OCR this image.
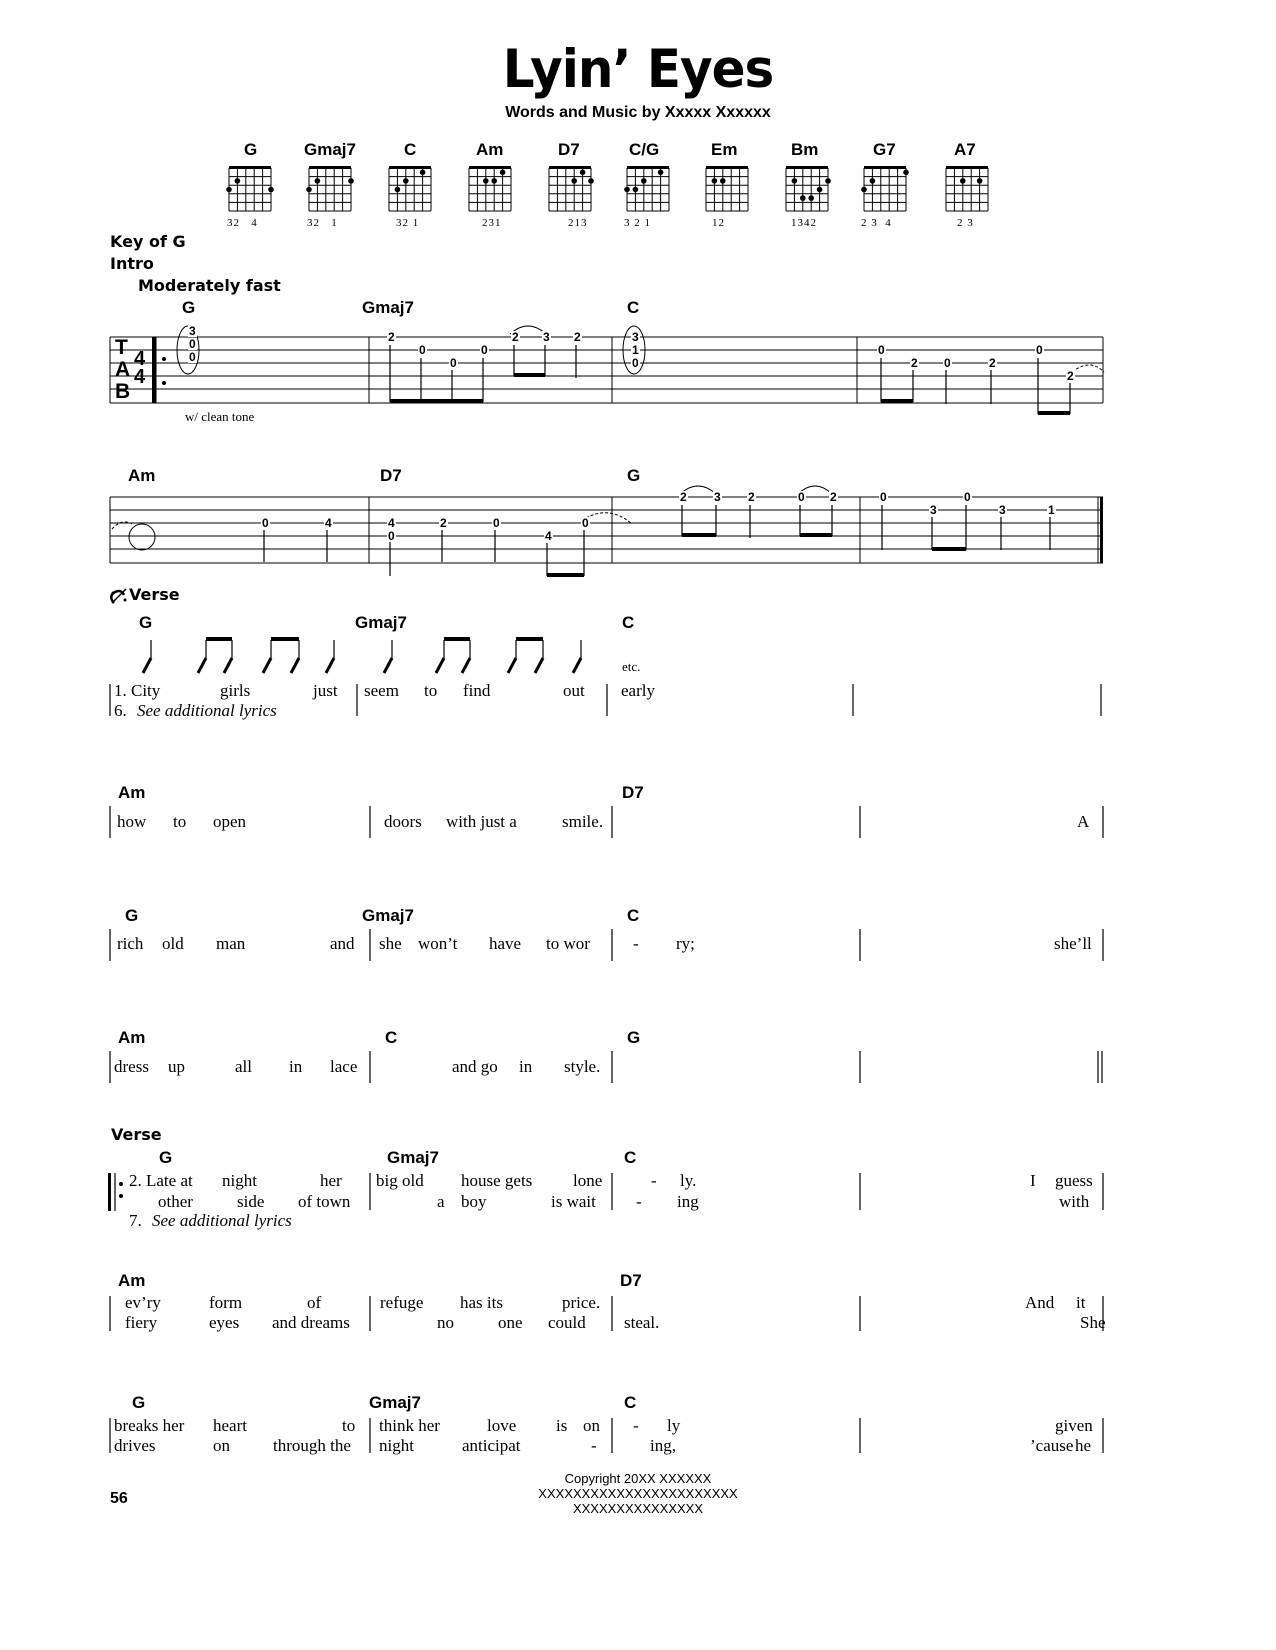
Lyin’ Eyes
Words and Music by Xxxxx Xxxxxx
G	Gmaj7	C	Am	D7	C/G	Em	Bm	G7	A7
32   4	32   1	32 1	231	213	3 2 1	12	1342	2 3  4	2 3
Key of G
Intro
Moderately fast
T
A
B
4
4
w/ clean tone
G	Gmaj7	C
Am	D7	G
3
0
0
2
0
0
0
2 3 2	3
1
0
0
2 0	2
0
2
0	4	4
0
2	0
4
0
2 3 2	0 2	0
3
0
3	1
Verse
G	Gmaj7	C
etc.
1. City	girls	just seem to find	out early
6. See additional lyrics
Am	D7
how to open	doors with just a	smile.	A
G	Gmaj7	C
rich old man	and she won’t have to wor	- ry;	she’ll
Am	C	G
dress up	all in lace	and go in style.
Verse
G	Gmaj7	C
2. Late at night	her big old house gets lone	- ly.	I guess
other	side of town	a boy	is wait - ing	with
7. See additional lyrics
Am	D7
ev’ry	form	of	refuge has its	price.	And it
fiery	eyes and dreams	no	one could steal.	She
G	Gmaj7	C
breaks her heart	to think her	love is on - ly	given
drives	on	through the night	anticipat	-	ing,	’cause he
Copyright 20XX XXXXXX
XXXXXXXXXXXXXXXXXXXXXXX
XXXXXXXXXXXXXXX
56
